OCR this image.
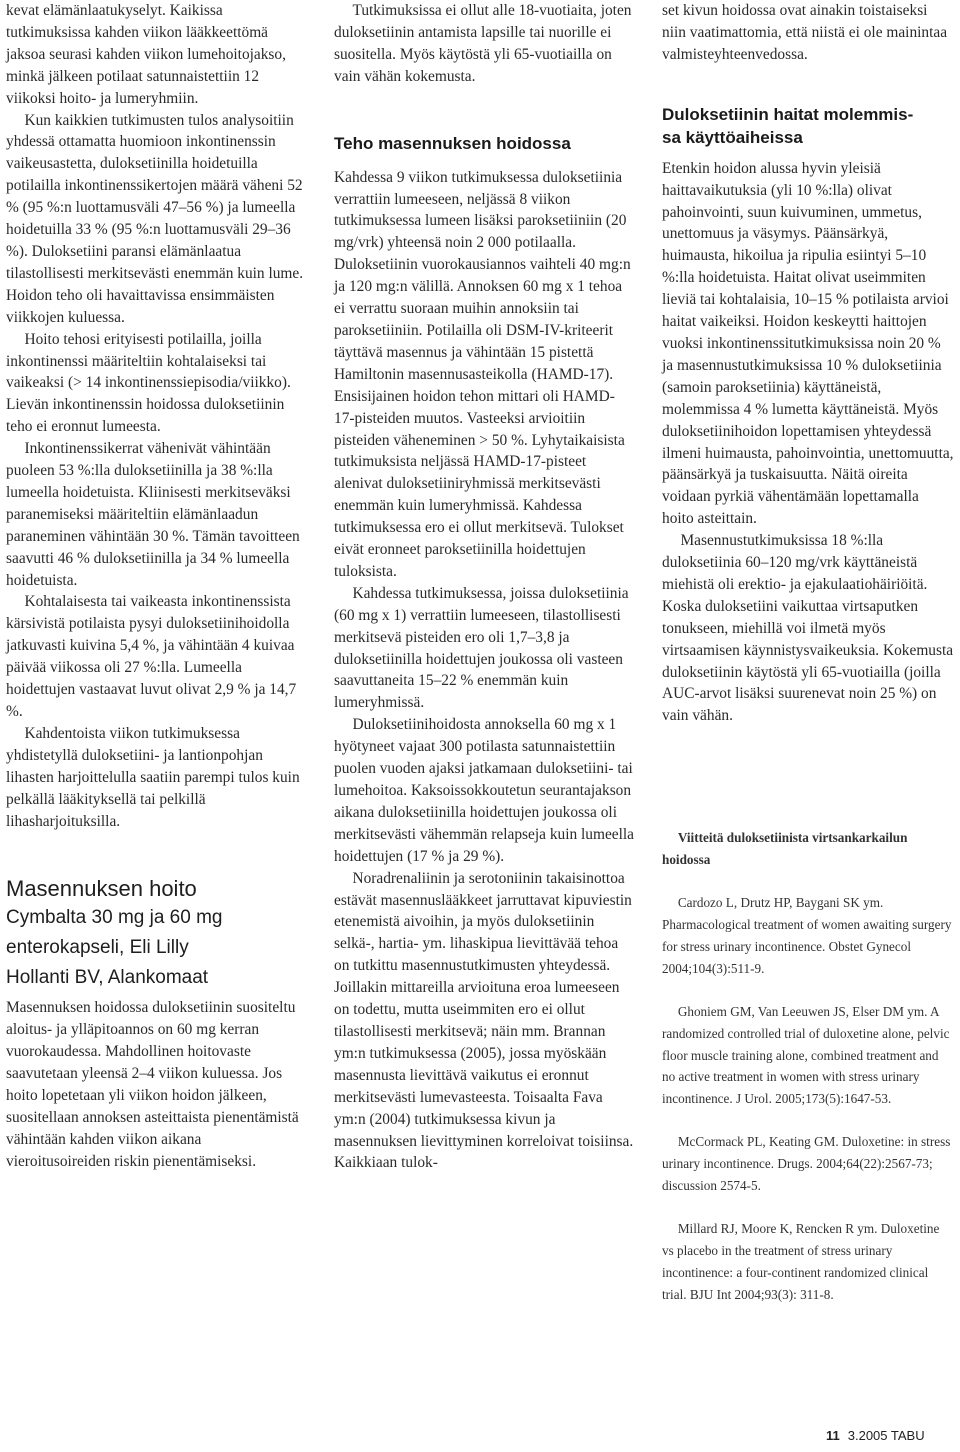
kevat elämänlaatukyselyt. Kaikissa tutkimuksissa kahden viikon lääkkeettömä jaksoa seurasi kahden viikon lumehoitojakso, minkä jälkeen potilaat satunnaistettiin 12 viikoksi hoito- ja lumeryhmiin.

Kun kaikkien tutkimusten tulos analysoitiin yhdessä ottamatta huomioon inkontinenssin vaikeusastetta, duloksetiinilla hoidetuilla potilailla inkontinenssikertojen määrä väheni 52 % (95 %:n luottamusväli 47–56 %) ja lumeella hoidetuilla 33 % (95 %:n luottamusväli 29–36 %). Duloksetiini paransi elämänlaatua tilastollisesti merkitsevästi enemmän kuin lume. Hoidon teho oli havaittavissa ensimmäisten viikkojen kuluessa.

Hoito tehosi erityisesti potilailla, joilla inkontinenssi määriteltiin kohtalaiseksi tai vaikeaksi (> 14 inkontinenssiepisodia/viikko). Lievän inkontinenssin hoidossa duloksetiinin teho ei eronnut lumeesta.

Inkontinenssikerrat vähenivät vähintään puoleen 53 %:lla duloksetiinilla ja 38 %:lla lumeella hoidetuista. Kliinisesti merkitseväksi paranemiseksi määriteltiin elämänlaadun paraneminen vähintään 30 %. Tämän tavoitteen saavutti 46 % duloksetiinilla ja 34 % lumeella hoidetuista.

Kohtalaisesta tai vaikeasta inkontinenssista kärsivistä potilaista pysyi duloksetiinihoidolla jatkuvasti kuivina 5,4 %, ja vähintään 4 kuivaa päivää viikossa oli 27 %:lla. Lumeella hoidettujen vastaavat luvut olivat 2,9 % ja 14,7 %.

Kahdentoista viikon tutkimuksessa yhdistetyllä duloksetiini- ja lantionpohjan lihasten harjoittelulla saatiin parempi tulos kuin pelkällä lääkityksellä tai pelkillä lihasharjoituksilla.

Masennuksen hoito
Cymbalta 30 mg ja 60 mg
enterokapseli, Eli Lilly
Hollanti BV, Alankomaat

Masennuksen hoidossa duloksetiinin suositeltu aloitus- ja ylläpitoannos on 60 mg kerran vuorokaudessa. Mahdollinen hoitovaste saavutetaan yleensä 2–4 viikon kuluessa. Jos hoito lopetetaan yli viikon hoidon jälkeen, suositellaan annoksen asteittaista pienentämistä vähintään kahden viikon aikana vieroitusoireiden riskin pienentämiseksi.

Tutkimuksissa ei ollut alle 18-vuotiaita, joten duloksetiinin antamista lapsille tai nuorille ei suositella. Myös käytöstä yli 65-vuotiailla on vain vähän kokemusta.

Teho masennuksen hoidossa

Kahdessa 9 viikon tutkimuksessa duloksetiinia verrattiin lumeeseen, neljässä 8 viikon tutkimuksessa lumeen lisäksi paroksetiiniin (20 mg/vrk) yhteensä noin 2 000 potilaalla. Duloksetiinin vuorokausiannos vaihteli 40 mg:n ja 120 mg:n välillä. Annoksen 60 mg x 1 tehoa ei verrattu suoraan muihin annoksiin tai paroksetiiniin. Potilailla oli DSM-IV-kriteerit täyttävä masennus ja vähintään 15 pistettä Hamiltonin masennusasteikolla (HAMD-17). Ensisijainen hoidon tehon mittari oli HAMD-17-pisteiden muutos. Vasteeksi arvioitiin pisteiden väheneminen > 50 %. Lyhytaikaisista tutkimuksista neljässä HAMD-17-pisteet alenivat duloksetiiniryhmissä merkitsevästi enemmän kuin lumeryhmissä. Kahdessa tutkimuksessa ero ei ollut merkitsevä. Tulokset eivät eronneet paroksetiinilla hoidettujen tuloksista.

Kahdessa tutkimuksessa, joissa duloksetiinia (60 mg x 1) verrattiin lumeeseen, tilastollisesti merkitsevä pisteiden ero oli 1,7–3,8 ja duloksetiinilla hoidettujen joukossa oli vasteen saavuttaneita 15–22 % enemmän kuin lumeryhmissä.

Duloksetiinihoidosta annoksella 60 mg x 1 hyötyneet vajaat 300 potilasta satunnaistettiin puolen vuoden ajaksi jatkamaan duloksetiini- tai lumehoitoa. Kaksoissokkoutetun seurantajakson aikana duloksetiinilla hoidettujen joukossa oli merkitsevästi vähemmän relapseja kuin lumeella hoidettujen (17 % ja 29 %).

Noradrenaliinin ja serotoniinin takaisinottoa estävät masennuslääkkeet jarruttavat kipuviestin etenemistä aivoihin, ja myös duloksetiinin selkä-, hartia- ym. lihaskipua lievittävää tehoa on tutkittu masennustutkimusten yhteydessä. Joillakin mittareilla arvioituna eroa lumeeseen on todettu, mutta useimmiten ero ei ollut tilastollisesti merkitsevä; näin mm. Brannan ym:n tutkimuksessa (2005), jossa myöskään masennusta lievittävä vaikutus ei eronnut merkitsevästi lumevasteesta. Toisaalta Fava ym:n (2004) tutkimuksessa kivun ja masennuksen lievittyminen korreloivat toisiinsa. Kaikkiaan tulok-

set kivun hoidossa ovat ainakin toistaiseksi niin vaatimattomia, että niistä ei ole mainintaa valmisteyhteenvedossa.

Duloksetiinin haitat molemmis-
sa käyttöaiheissa

Etenkin hoidon alussa hyvin yleisiä haittavaikutuksia (yli 10 %:lla) olivat pahoinvointi, suun kuivuminen, ummetus, unettomuus ja väsymys. Päänsärkyä, huimausta, hikoilua ja ripulia esiintyi 5–10 %:lla hoidetuista. Haitat olivat useimmiten lieviä tai kohtalaisia, 10–15 % potilaista arvioi haitat vaikeiksi. Hoidon keskeytti haittojen vuoksi inkontinenssitutkimuksissa noin 20 % ja masennustutkimuksissa 10 % duloksetiinia (samoin paroksetiinia) käyttäneistä, molemmissa 4 % lumetta käyttäneistä. Myös duloksetiinihoidon lopettamisen yhteydessä ilmeni huimausta, pahoinvointia, unettomuutta, päänsärkyä ja tuskaisuutta. Näitä oireita voidaan pyrkiä vähentämään lopettamalla hoito asteittain.

Masennustutkimuksissa 18 %:lla duloksetiinia 60–120 mg/vrk käyttäneistä miehistä oli erektio- ja ejakulaatiohäiriöitä. Koska duloksetiini vaikuttaa virtsaputken tonukseen, miehillä voi ilmetä myös virtsaamisen käynnistysvaikeuksia. Kokemusta duloksetiinin käytöstä yli 65-vuotiailla (joilla AUC-arvot lisäksi suurenevat noin 25 %) on vain vähän.

Viitteitä duloksetiinista virtsankarkailun hoidossa

Cardozo L, Drutz HP, Baygani SK ym. Pharmacological treatment of women awaiting surgery for stress urinary incontinence. Obstet Gynecol 2004;104(3):511-9.

Ghoniem GM, Van Leeuwen JS, Elser DM ym. A randomized controlled trial of duloxetine alone, pelvic floor muscle training alone, combined treatment and no active treatment in women with stress urinary incontinence. J Urol. 2005;173(5):1647-53.

McCormack PL, Keating GM. Duloxetine: in stress urinary incontinence. Drugs. 2004;64(22):2567-73; discussion 2574-5.

Millard RJ, Moore K, Rencken R ym. Duloxetine vs placebo in the treatment of stress urinary incontinence: a four-continent randomized clinical trial. BJU Int 2004;93(3): 311-8.

11 3.2005 TABU
